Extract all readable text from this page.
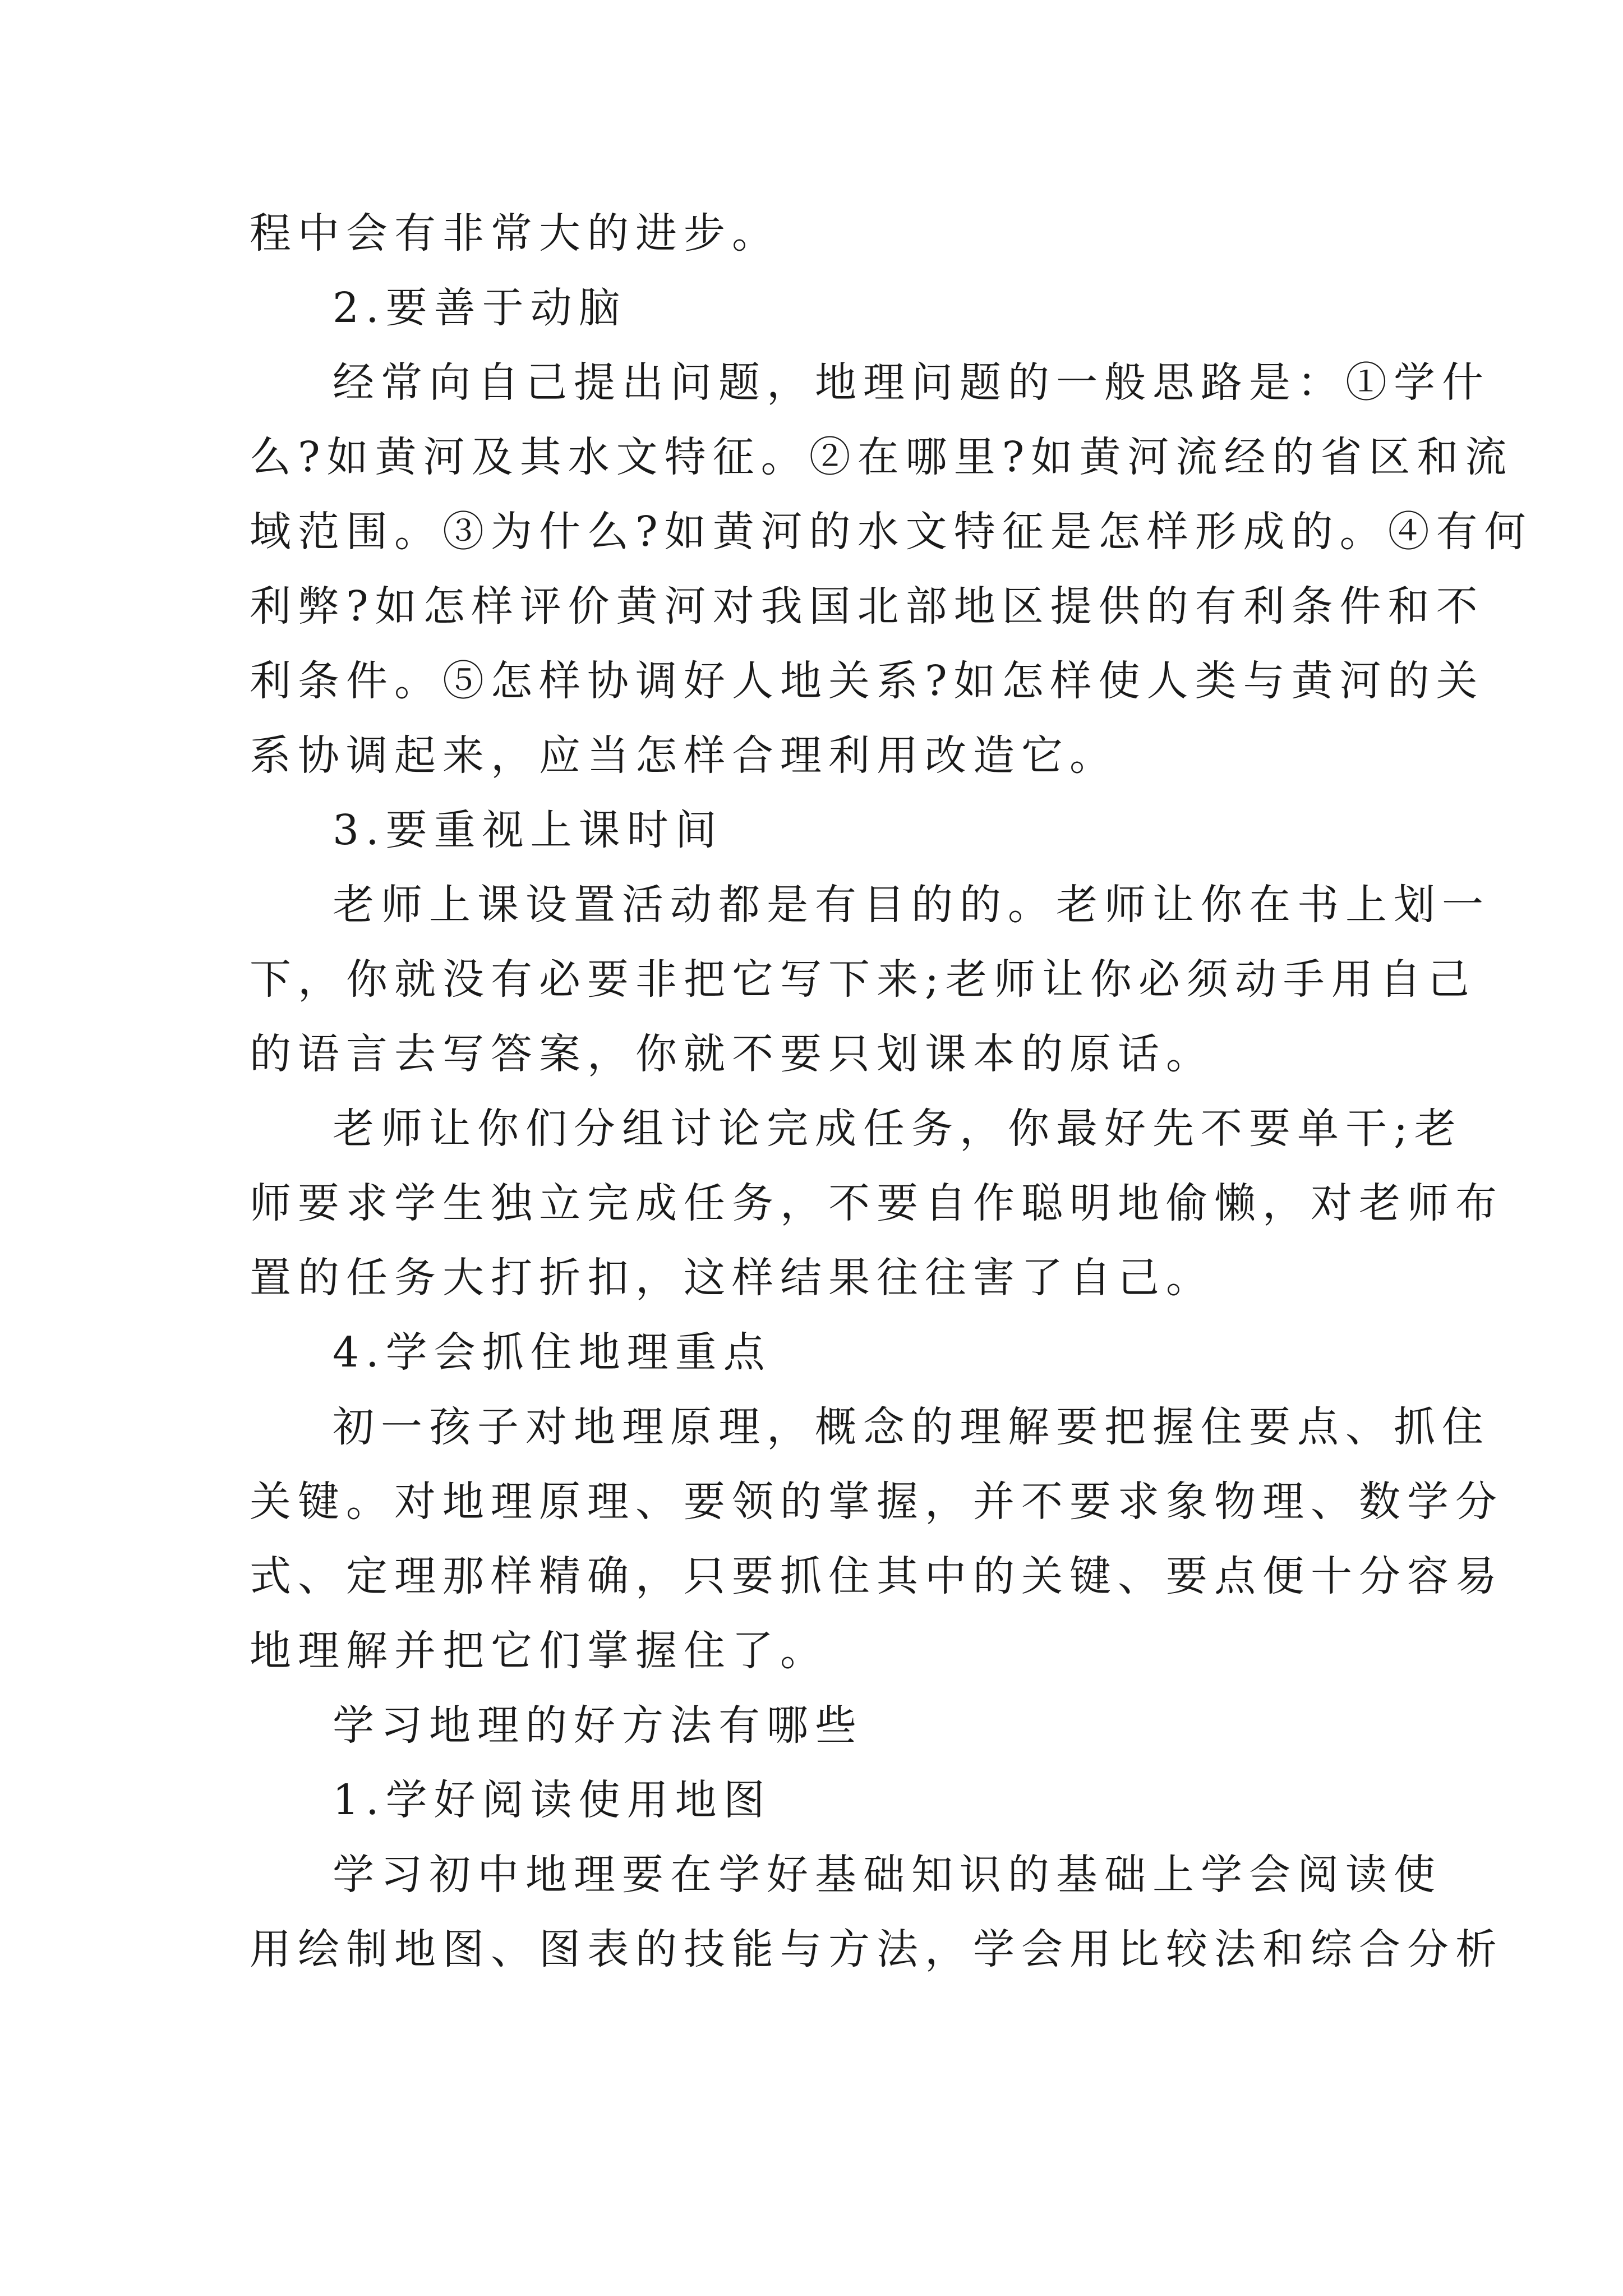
程中会有非常大的进步。
2.要善于动脑
经常向自己提出问题，地理问题的一般思路是：①学什
么?如黄河及其水文特征。②在哪里?如黄河流经的省区和流
域范围。③为什么?如黄河的水文特征是怎样形成的。④有何
利弊?如怎样评价黄河对我国北部地区提供的有利条件和不
利条件。⑤怎样协调好人地关系?如怎样使人类与黄河的关
系协调起来，应当怎样合理利用改造它。
3.要重视上课时间
老师上课设置活动都是有目的的。老师让你在书上划一
下，你就没有必要非把它写下来;老师让你必须动手用自己
的语言去写答案，你就不要只划课本的原话。
老师让你们分组讨论完成任务，你最好先不要单干;老
师要求学生独立完成任务，不要自作聪明地偷懒，对老师布
置的任务大打折扣，这样结果往往害了自己。
4.学会抓住地理重点
初一孩子对地理原理，概念的理解要把握住要点、抓住
关键。对地理原理、要领的掌握，并不要求象物理、数学分
式、定理那样精确，只要抓住其中的关键、要点便十分容易
地理解并把它们掌握住了。
学习地理的好方法有哪些
1.学好阅读使用地图
学习初中地理要在学好基础知识的基础上学会阅读使
用绘制地图、图表的技能与方法，学会用比较法和综合分析
